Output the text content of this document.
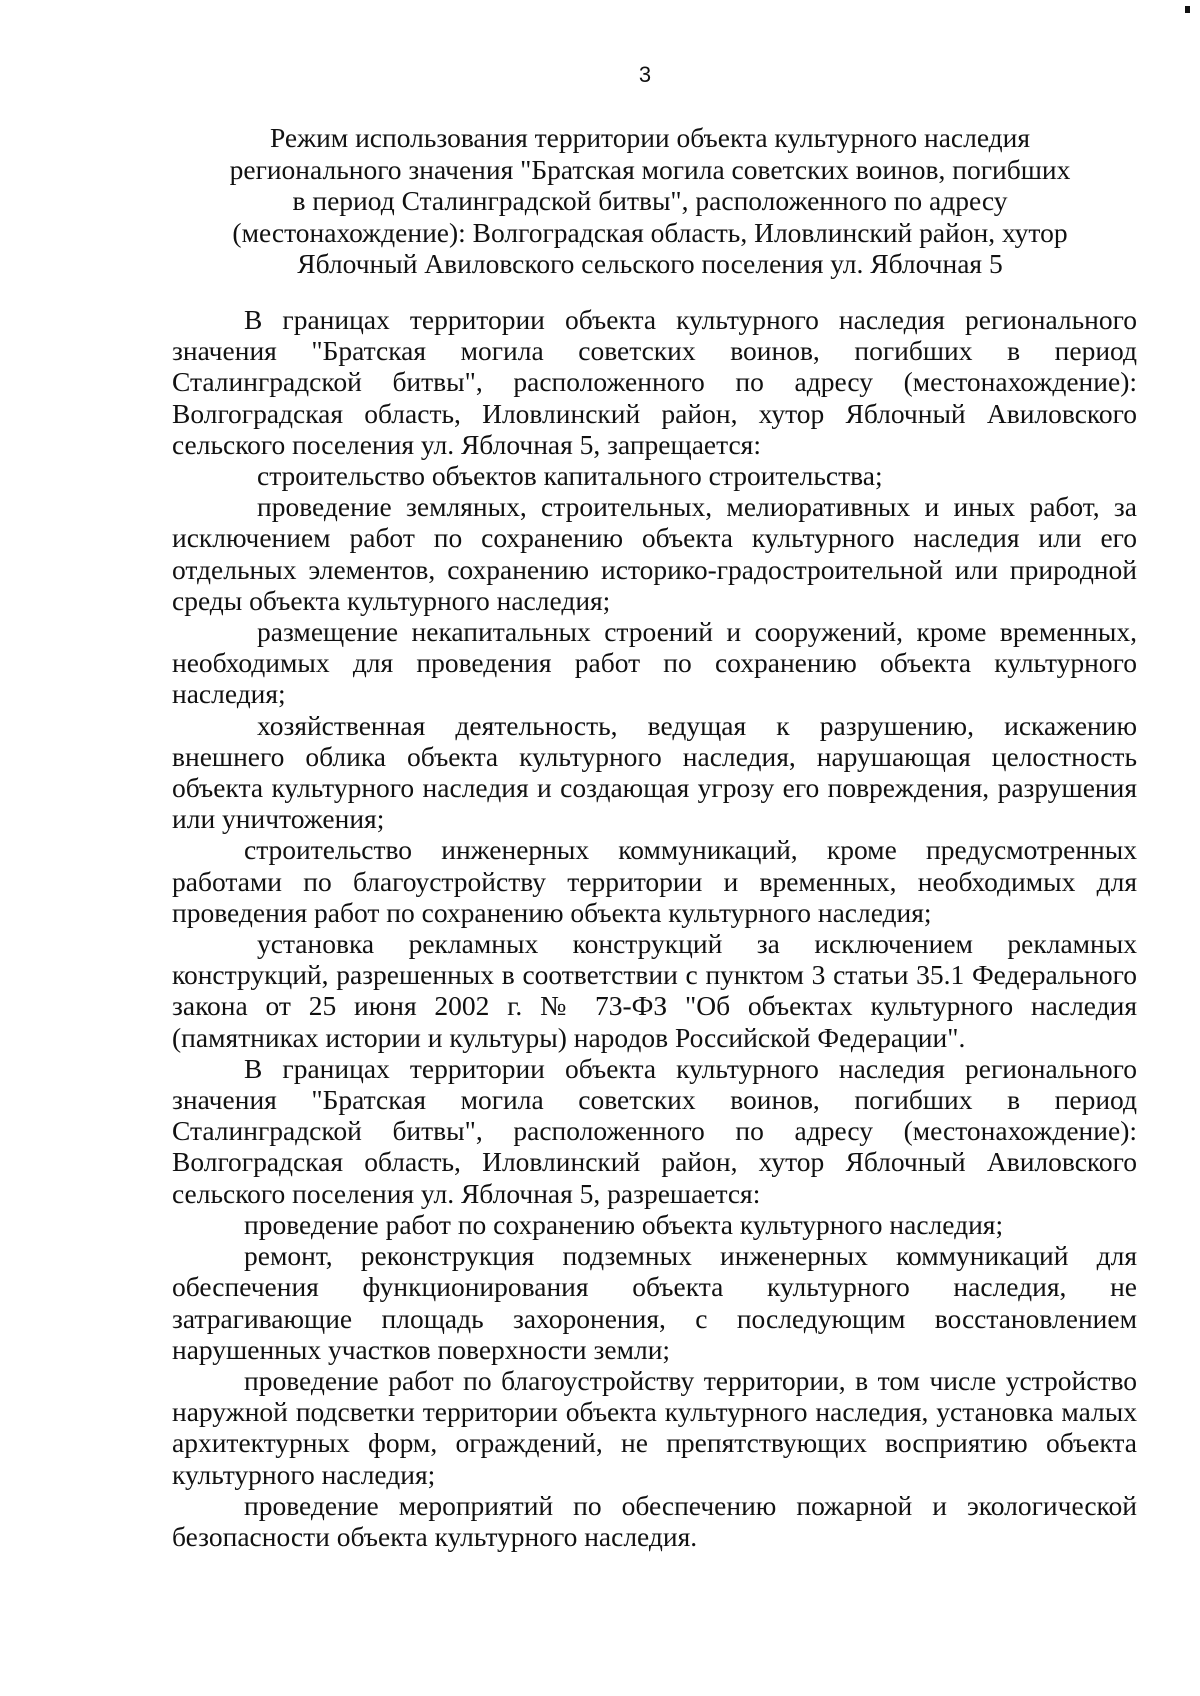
3
Режим использования территории объекта культурного наследия
регионального значения "Братская могила советских воинов, погибших
в период Сталинградской битвы", расположенного по адресу
(местонахождение): Волгоградская область, Иловлинский район, хутор
Яблочный Авиловского сельского поселения ул. Яблочная 5

В границах территории объекта культурного наследия регионального значения "Братская могила советских воинов, погибших в период Сталинградской битвы", расположенного по адресу (местонахождение): Волгоградская область, Иловлинский район, хутор Яблочный Авиловского сельского поселения ул. Яблочная 5, запрещается:

строительство объектов капитального строительства;

проведение земляных, строительных, мелиоративных и иных работ, за исключением работ по сохранению объекта культурного наследия или его отдельных элементов, сохранению историко-градостроительной или природной среды объекта культурного наследия;

размещение некапитальных строений и сооружений, кроме временных, необходимых для проведения работ по сохранению объекта культурного наследия;

хозяйственная деятельность, ведущая к разрушению, искажению внешнего облика объекта культурного наследия, нарушающая целостность объекта культурного наследия и создающая угрозу его повреждения, разрушения или уничтожения;

строительство инженерных коммуникаций, кроме предусмотренных работами по благоустройству территории и временных, необходимых для проведения работ по сохранению объекта культурного наследия;

установка рекламных конструкций за исключением рекламных конструкций, разрешенных в соответствии с пунктом 3 статьи 35.1 Федерального закона от 25 июня 2002 г. № 73-ФЗ "Об объектах культурного наследия (памятниках истории и культуры) народов Российской Федерации".

В границах территории объекта культурного наследия регионального значения "Братская могила советских воинов, погибших в период Сталинградской битвы", расположенного по адресу (местонахождение): Волгоградская область, Иловлинский район, хутор Яблочный Авиловского сельского поселения ул. Яблочная 5, разрешается:

проведение работ по сохранению объекта культурного наследия;

ремонт, реконструкция подземных инженерных коммуникаций для обеспечения функционирования объекта культурного наследия, не затрагивающие площадь захоронения, с последующим восстановлением нарушенных участков поверхности земли;

проведение работ по благоустройству территории, в том числе устройство наружной подсветки территории объекта культурного наследия, установка малых архитектурных форм, ограждений, не препятствующих восприятию объекта культурного наследия;

проведение мероприятий по обеспечению пожарной и экологической безопасности объекта культурного наследия.
